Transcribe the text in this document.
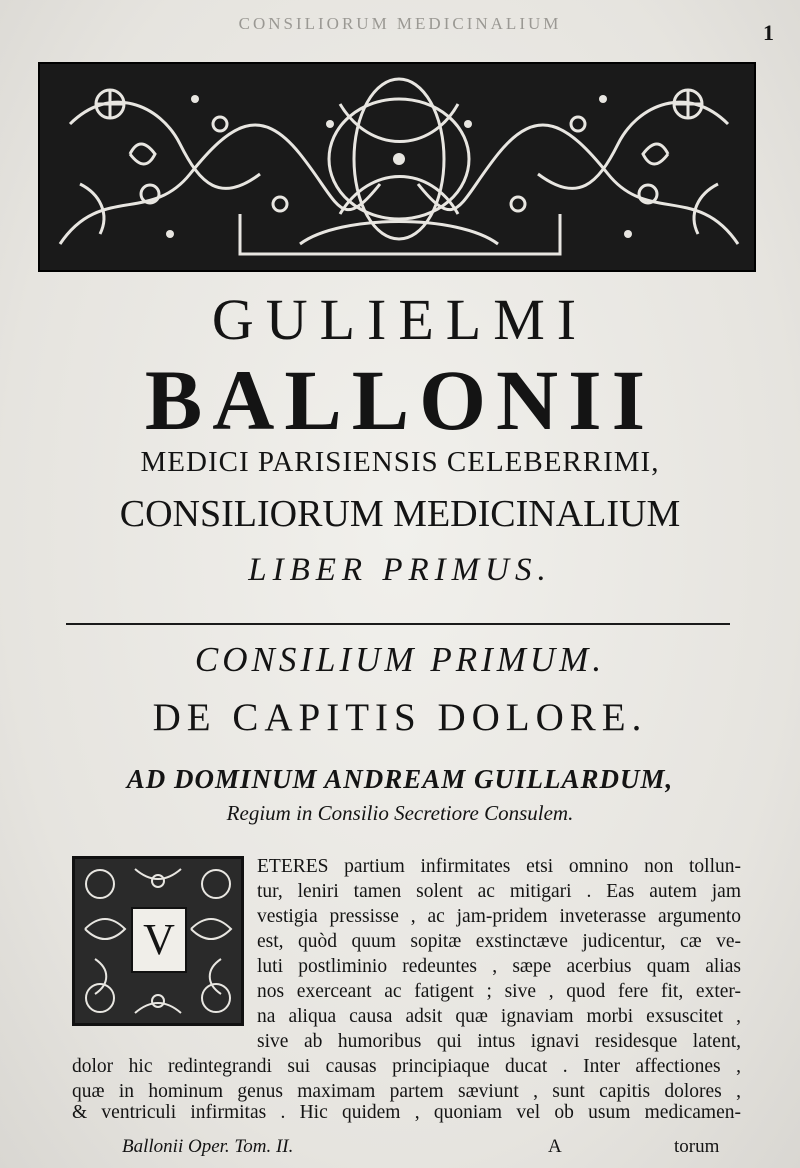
CONSILIORUM MEDICINALIUM	1
GULIELMI
BALLONII
MEDICI PARISIENSIS CELEBERRIMI,
CONSILIORUM MEDICINALIUM
LIBER PRIMUS.
CONSILIUM PRIMUM.
DE CAPITIS DOLORE.
AD DOMINUM ANDREAM GUILLARDUM,
Regium in Consilio Secretiore Consulem.
V
ETERES partium infirmitates etsi omnino non tollun-
tur, leniri tamen solent ac mitigari . Eas autem jam
vestigia pressisse , ac jam-pridem inveterasse argumento
est, quòd quum sopitæ exstinctæve judicentur, cæ ve-
luti postliminio redeuntes , sæpe acerbius quam alias
nos exerceant ac fatigent ; sive , quod fere fit, exter-
na aliqua causa adsit quæ ignaviam morbi exsuscitet ,
sive ab humoribus qui intus ignavi residesque latent,
dolor hic redintegrandi sui causas principiaque ducat . Inter affectiones ,
quæ in hominum genus maximam partem sæviunt , sunt capitis dolores ,
& ventriculi infirmitas . Hic quidem , quoniam vel ob usum medicamen-
Ballonii Oper. Tom. II.	A	torum
